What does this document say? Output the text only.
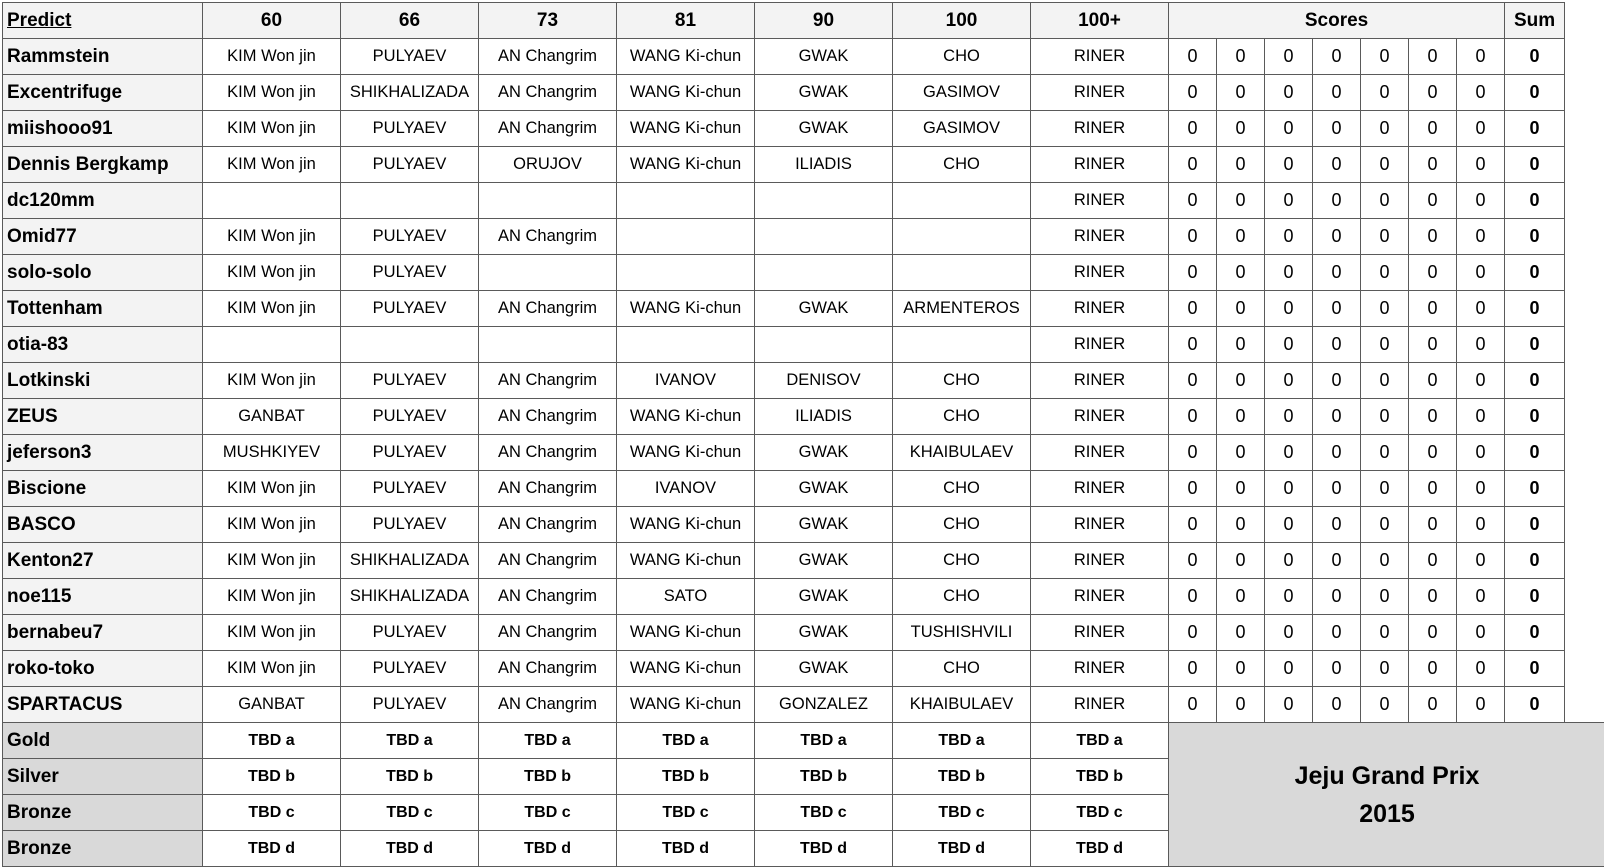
Predict	60	66	73	81	90	100	100+	Scores							Sum
Rammstein	KIM Won jin	PULYAEV	AN Changrim	WANG Ki-chun	GWAK	CHO	RINER	0	0	0	0	0	0	0	0
Excentrifuge	KIM Won jin	SHIKHALIZADA	AN Changrim	WANG Ki-chun	GWAK	GASIMOV	RINER	0	0	0	0	0	0	0	0
miishooo91	KIM Won jin	PULYAEV	AN Changrim	WANG Ki-chun	GWAK	GASIMOV	RINER	0	0	0	0	0	0	0	0
Dennis Bergkamp	KIM Won jin	PULYAEV	ORUJOV	WANG Ki-chun	ILIADIS	CHO	RINER	0	0	0	0	0	0	0	0
dc120mm							RINER	0	0	0	0	0	0	0	0
Omid77	KIM Won jin	PULYAEV	AN Changrim				RINER	0	0	0	0	0	0	0	0
solo-solo	KIM Won jin	PULYAEV					RINER	0	0	0	0	0	0	0	0
Tottenham	KIM Won jin	PULYAEV	AN Changrim	WANG Ki-chun	GWAK	ARMENTEROS	RINER	0	0	0	0	0	0	0	0
otia-83							RINER	0	0	0	0	0	0	0	0
Lotkinski	KIM Won jin	PULYAEV	AN Changrim	IVANOV	DENISOV	CHO	RINER	0	0	0	0	0	0	0	0
ZEUS	GANBAT	PULYAEV	AN Changrim	WANG Ki-chun	ILIADIS	CHO	RINER	0	0	0	0	0	0	0	0
jeferson3	MUSHKIYEV	PULYAEV	AN Changrim	WANG Ki-chun	GWAK	KHAIBULAEV	RINER	0	0	0	0	0	0	0	0
Biscione	KIM Won jin	PULYAEV	AN Changrim	IVANOV	GWAK	CHO	RINER	0	0	0	0	0	0	0	0
BASCO	KIM Won jin	PULYAEV	AN Changrim	WANG Ki-chun	GWAK	CHO	RINER	0	0	0	0	0	0	0	0
Kenton27	KIM Won jin	SHIKHALIZADA	AN Changrim	WANG Ki-chun	GWAK	CHO	RINER	0	0	0	0	0	0	0	0
noe115	KIM Won jin	SHIKHALIZADA	AN Changrim	SATO	GWAK	CHO	RINER	0	0	0	0	0	0	0	0
bernabeu7	KIM Won jin	PULYAEV	AN Changrim	WANG Ki-chun	GWAK	TUSHISHVILI	RINER	0	0	0	0	0	0	0	0
roko-toko	KIM Won jin	PULYAEV	AN Changrim	WANG Ki-chun	GWAK	CHO	RINER	0	0	0	0	0	0	0	0
SPARTACUS	GANBAT	PULYAEV	AN Changrim	WANG Ki-chun	GONZALEZ	KHAIBULAEV	RINER	0	0	0	0	0	0	0	0
Gold	TBD a	TBD a	TBD a	TBD a	TBD a	TBD a	TBD a	Jeju Grand Prix
2015							

Silver	TBD b	TBD b	TBD b	TBD b	TBD b	TBD b	TBD b								
Bronze	TBD c	TBD c	TBD c	TBD c	TBD c	TBD c	TBD c								
Bronze	TBD d	TBD d	TBD d	TBD d	TBD d	TBD d	TBD d								
